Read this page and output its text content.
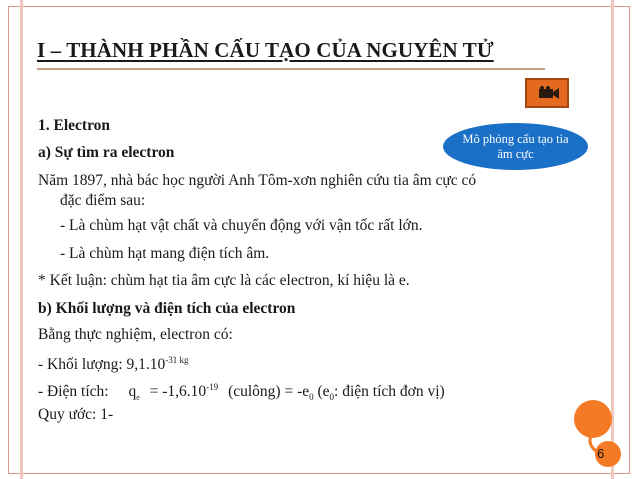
I – THÀNH PHẦN CẤU TẠO CỦA NGUYÊN TỬ
Mô phỏng cấu tạo tia âm cực

1. Electron

a) Sự tìm ra electron

Năm 1897, nhà bác học người Anh Tôm-xơn nghiên cứu tia âm cực có

đặc điểm sau:

- Là chùm hạt vật chất và chuyển động với vận tốc rất lớn.

- Là chùm hạt mang điện tích âm.

* Kết luận: chùm hạt tia âm cực là các electron, kí hiệu là e.

b) Khối lượng và điện tích của electron

Bằng thực nghiệm, electron có:

- Khối lượng: $9,1.10^{-31 kg}$

- Điện tích: $q_e = -1,6.10^{-19}$ (culông) = $-e_0$ ($e_0$: điện tích đơn vị)

Quy ước: 1-

6
